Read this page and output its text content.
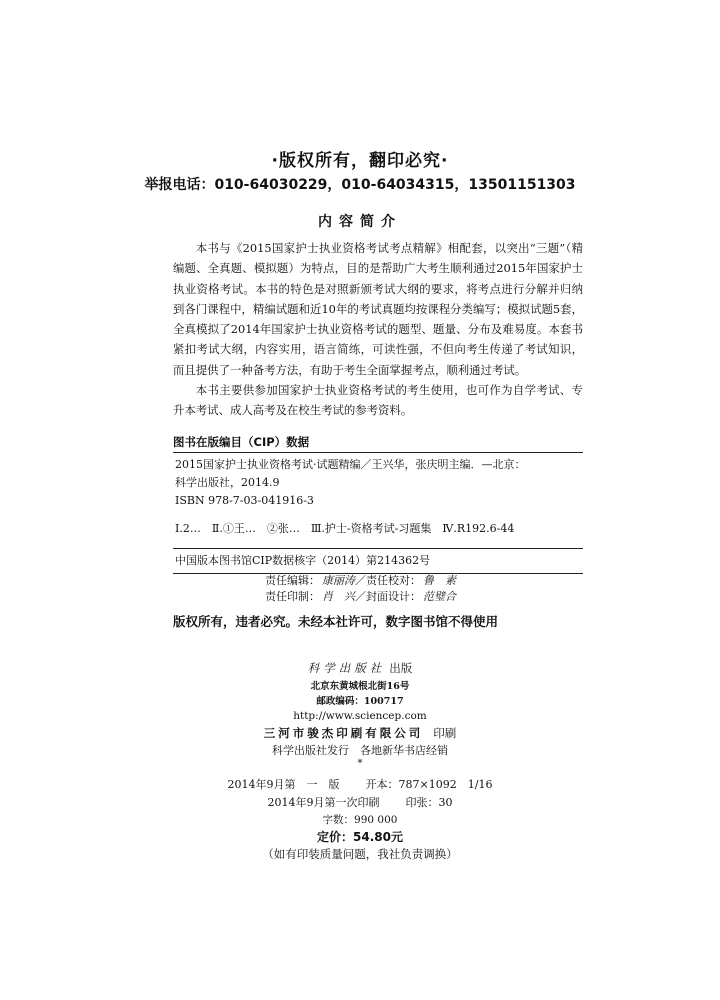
·版权所有，翻印必究·
举报电话：010-64030229，010-64034315，13501151303
内容简介

本书与《2015国家护士执业资格考试考点精解》相配套，以突出“三题”（精编题、全真题、模拟题）为特点，目的是帮助广大考生顺利通过2015年国家护士执业资格考试。本书的特色是对照新颁考试大纲的要求，将考点进行分解并归纳到各门课程中，精编试题和近10年的考试真题均按课程分类编写；模拟试题5套，全真模拟了2014年国家护士执业资格考试的题型、题量、分布及难易度。本套书紧扣考试大纲，内容实用，语言简练，可读性强，不但向考生传递了考试知识，而且提供了一种备考方法，有助于考生全面掌握考点，顺利通过考试。

本书主要供参加国家护士执业资格考试的考生使用，也可作为自学考试、专升本考试、成人高考及在校生考试的参考资料。

图书在版编目（CIP）数据
2015国家护士执业资格考试·试题精编／王兴华，张庆明主编．—北京：
科学出版社，2014.9
ISBN 978-7-03-041916-3
Ⅰ.2…　Ⅱ.①王…　②张…　Ⅲ.护士-资格考试-习题集　Ⅳ.R192.6-44
中国版本图书馆CIP数据核字（2014）第214362号
责任编辑： 康丽涛／责任校对： 鲁　素
责任印制： 肖　兴／封面设计： 范璧合
版权所有，违者必究。未经本社许可，数字图书馆不得使用
科学出版社 出版
北京东黄城根北街16号
邮政编码：100717
http://www.sciencep.com
三河市骏杰印刷有限公司 印刷
科学出版社发行　各地新华书店经销
*
2014年9月第　一　版 开本：787×1092　1/16
2014年9月第一次印刷 印张：30
字数：990 000
定价：54.80元
（如有印装质量问题，我社负责调换）
